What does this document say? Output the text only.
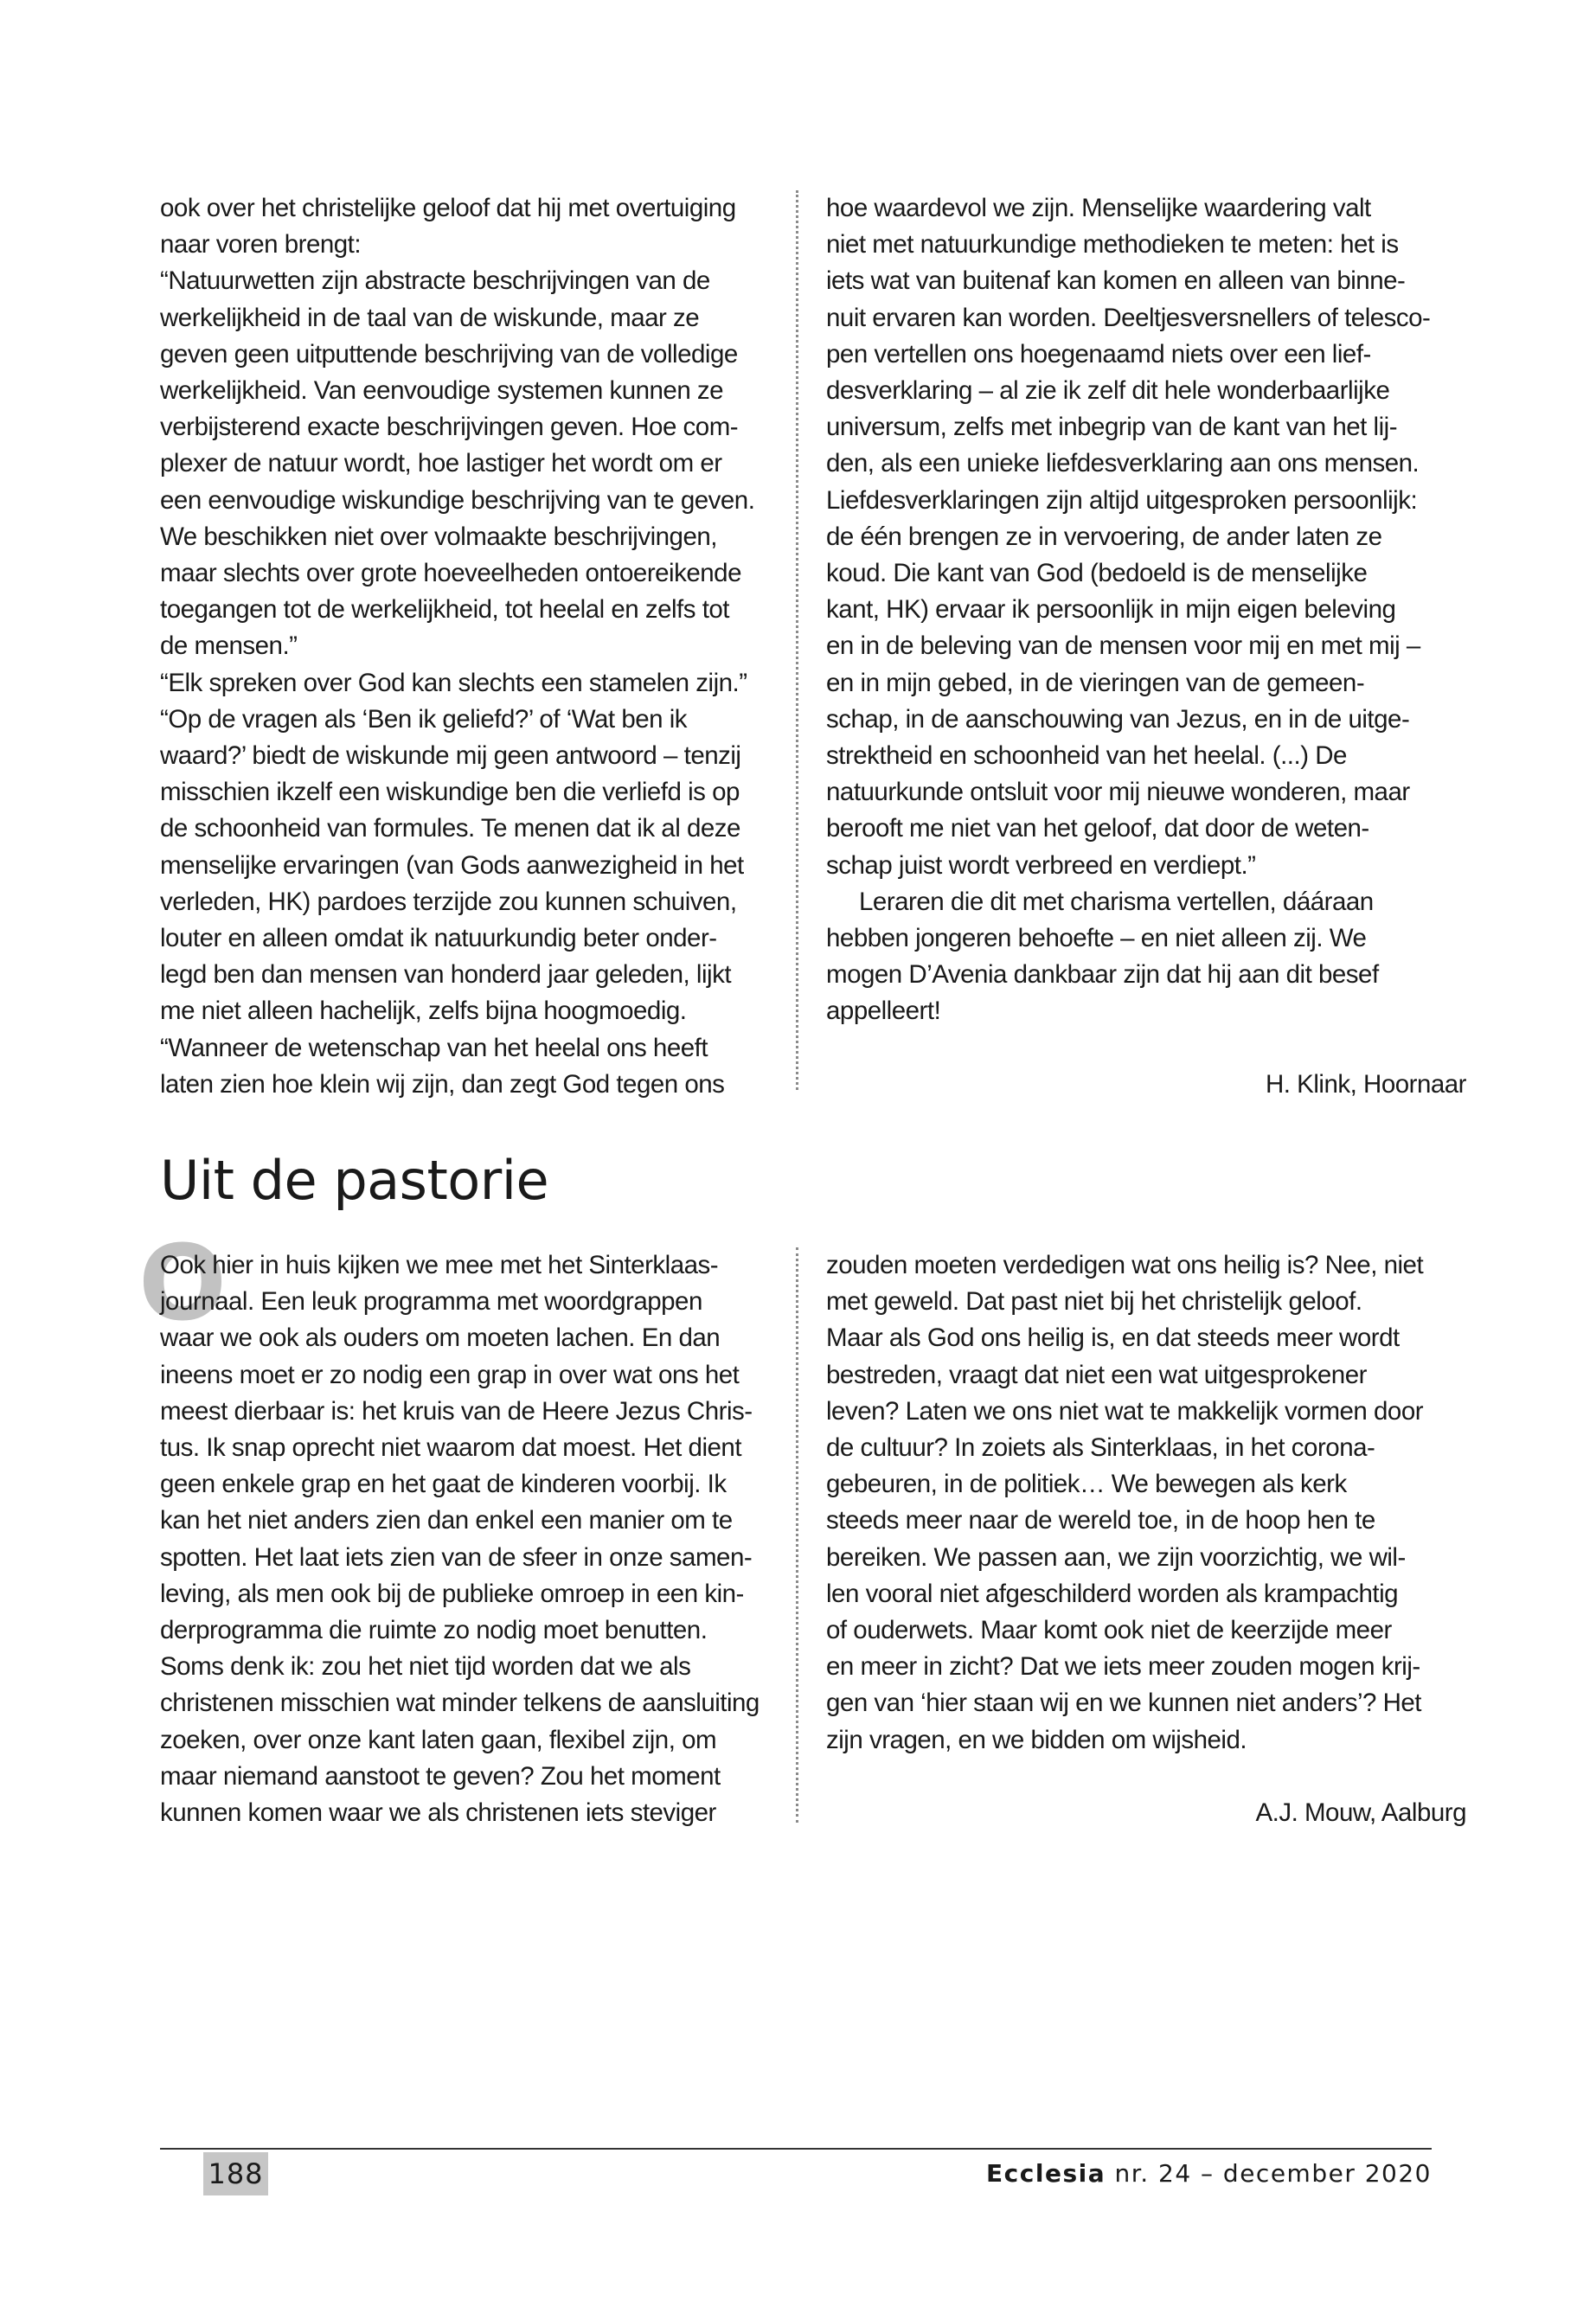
ook over het christelijke geloof dat hij met overtuiging
naar voren brengt:
“Natuurwetten zijn abstracte beschrijvingen van de
werkelijkheid in de taal van de wiskunde, maar ze
geven geen uitputtende beschrijving van de volledige
werkelijkheid. Van eenvoudige systemen kunnen ze
verbijsterend exacte beschrijvingen geven. Hoe com-
plexer de natuur wordt, hoe lastiger het wordt om er
een eenvoudige wiskundige beschrijving van te geven.
We beschikken niet over volmaakte beschrijvingen,
maar slechts over grote hoeveelheden ontoereikende
toegangen tot de werkelijkheid, tot heelal en zelfs tot
de mensen.”
“Elk spreken over God kan slechts een stamelen zijn.”
“Op de vragen als ‘Ben ik geliefd?’ of ‘Wat ben ik
waard?’ biedt de wiskunde mij geen antwoord – tenzij
misschien ikzelf een wiskundige ben die verliefd is op
de schoonheid van formules. Te menen dat ik al deze
menselijke ervaringen (van Gods aanwezigheid in het
verleden, HK) pardoes terzijde zou kunnen schuiven,
louter en alleen omdat ik natuurkundig beter onder-
legd ben dan mensen van honderd jaar geleden, lijkt
me niet alleen hachelijk, zelfs bijna hoogmoedig.
“Wanneer de wetenschap van het heelal ons heeft
laten zien hoe klein wij zijn, dan zegt God tegen ons
hoe waardevol we zijn. Menselijke waardering valt
niet met natuurkundige methodieken te meten: het is
iets wat van buitenaf kan komen en alleen van binne-
nuit ervaren kan worden. Deeltjesversnellers of telesco-
pen vertellen ons hoegenaamd niets over een lief-
desverklaring – al zie ik zelf dit hele wonderbaarlijke
universum, zelfs met inbegrip van de kant van het lij-
den, als een unieke liefdesverklaring aan ons mensen.
Liefdesverklaringen zijn altijd uitgesproken persoonlijk:
de één brengen ze in vervoering, de ander laten ze
koud. Die kant van God (bedoeld is de menselijke
kant, HK) ervaar ik persoonlijk in mijn eigen beleving
en in de beleving van de mensen voor mij en met mij –
en in mijn gebed, in de vieringen van de gemeen-
schap, in de aanschouwing van Jezus, en in de uitge-
strektheid en schoonheid van het heelal. (...) De
natuurkunde ontsluit voor mij nieuwe wonderen, maar
berooft me niet van het geloof, dat door de weten-
schap juist wordt verbreed en verdiept.”
Leraren die dit met charisma vertellen, dááraan
hebben jongeren behoefte – en niet alleen zij. We
mogen D’Avenia dankbaar zijn dat hij aan dit besef
appelleert!

H. Klink, Hoornaar

Uit de pastorie
O
Ook hier in huis kijken we mee met het Sinterklaas-
journaal. Een leuk programma met woordgrappen
waar we ook als ouders om moeten lachen. En dan
ineens moet er zo nodig een grap in over wat ons het
meest dierbaar is: het kruis van de Heere Jezus Chris-
tus. Ik snap oprecht niet waarom dat moest. Het dient
geen enkele grap en het gaat de kinderen voorbij. Ik
kan het niet anders zien dan enkel een manier om te
spotten. Het laat iets zien van de sfeer in onze samen-
leving, als men ook bij de publieke omroep in een kin-
derprogramma die ruimte zo nodig moet benutten.
Soms denk ik: zou het niet tijd worden dat we als
christenen misschien wat minder telkens de aansluiting
zoeken, over onze kant laten gaan, flexibel zijn, om
maar niemand aanstoot te geven? Zou het moment
kunnen komen waar we als christenen iets steviger
zouden moeten verdedigen wat ons heilig is? Nee, niet
met geweld. Dat past niet bij het christelijk geloof.
Maar als God ons heilig is, en dat steeds meer wordt
bestreden, vraagt dat niet een wat uitgesprokener
leven? Laten we ons niet wat te makkelijk vormen door
de cultuur? In zoiets als Sinterklaas, in het corona-
gebeuren, in de politiek… We bewegen als kerk
steeds meer naar de wereld toe, in de hoop hen te
bereiken. We passen aan, we zijn voorzichtig, we wil-
len vooral niet afgeschilderd worden als krampachtig
of ouderwets. Maar komt ook niet de keerzijde meer
en meer in zicht? Dat we iets meer zouden mogen krij-
gen van ‘hier staan wij en we kunnen niet anders’? Het
zijn vragen, en we bidden om wijsheid.

A.J. Mouw, Aalburg

188	Ecclesia nr. 24 – december 2020
